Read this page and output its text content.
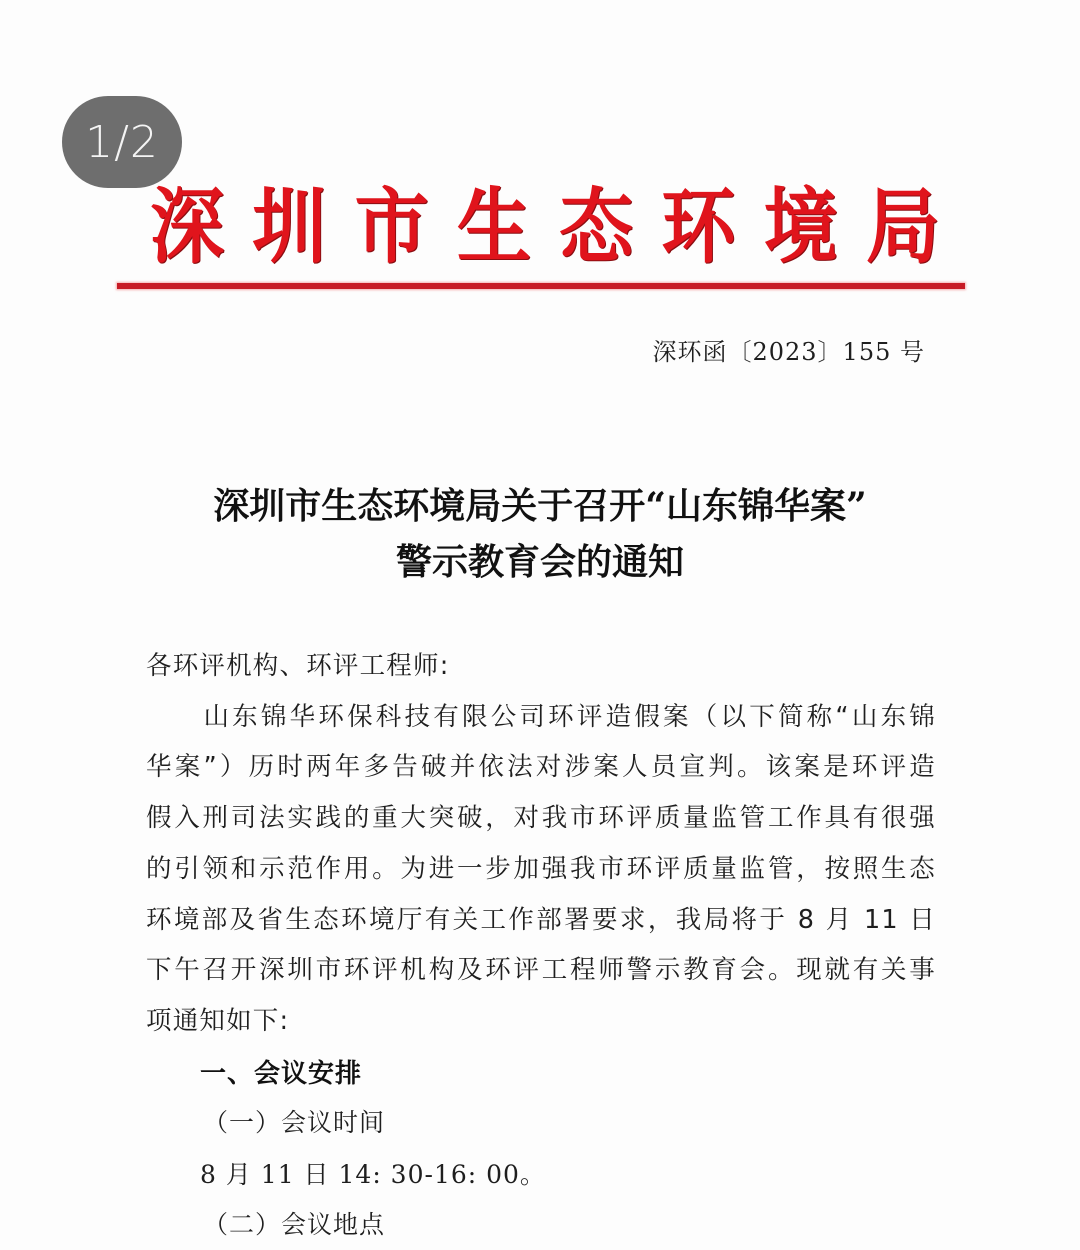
1/2
深 圳 市 生 态 环 境 局
深环函〔2023〕155 号
深圳市生态环境局关于召开“山东锦华案”
警示教育会的通知
各环评机构、环评工程师:
　　山东锦华环保科技有限公司环评造假案（以下简称“山东锦
华案”）历时两年多告破并依法对涉案人员宣判。该案是环评造
假入刑司法实践的重大突破，对我市环评质量监管工作具有很强
的引领和示范作用。为进一步加强我市环评质量监管，按照生态
环境部及省生态环境厅有关工作部署要求，我局将于 8 月 11 日
下午召开深圳市环评机构及环评工程师警示教育会。现就有关事
项通知如下:
一、会议安排
（一）会议时间
8 月 11 日 14: 30-16: 00。
（二）会议地点
